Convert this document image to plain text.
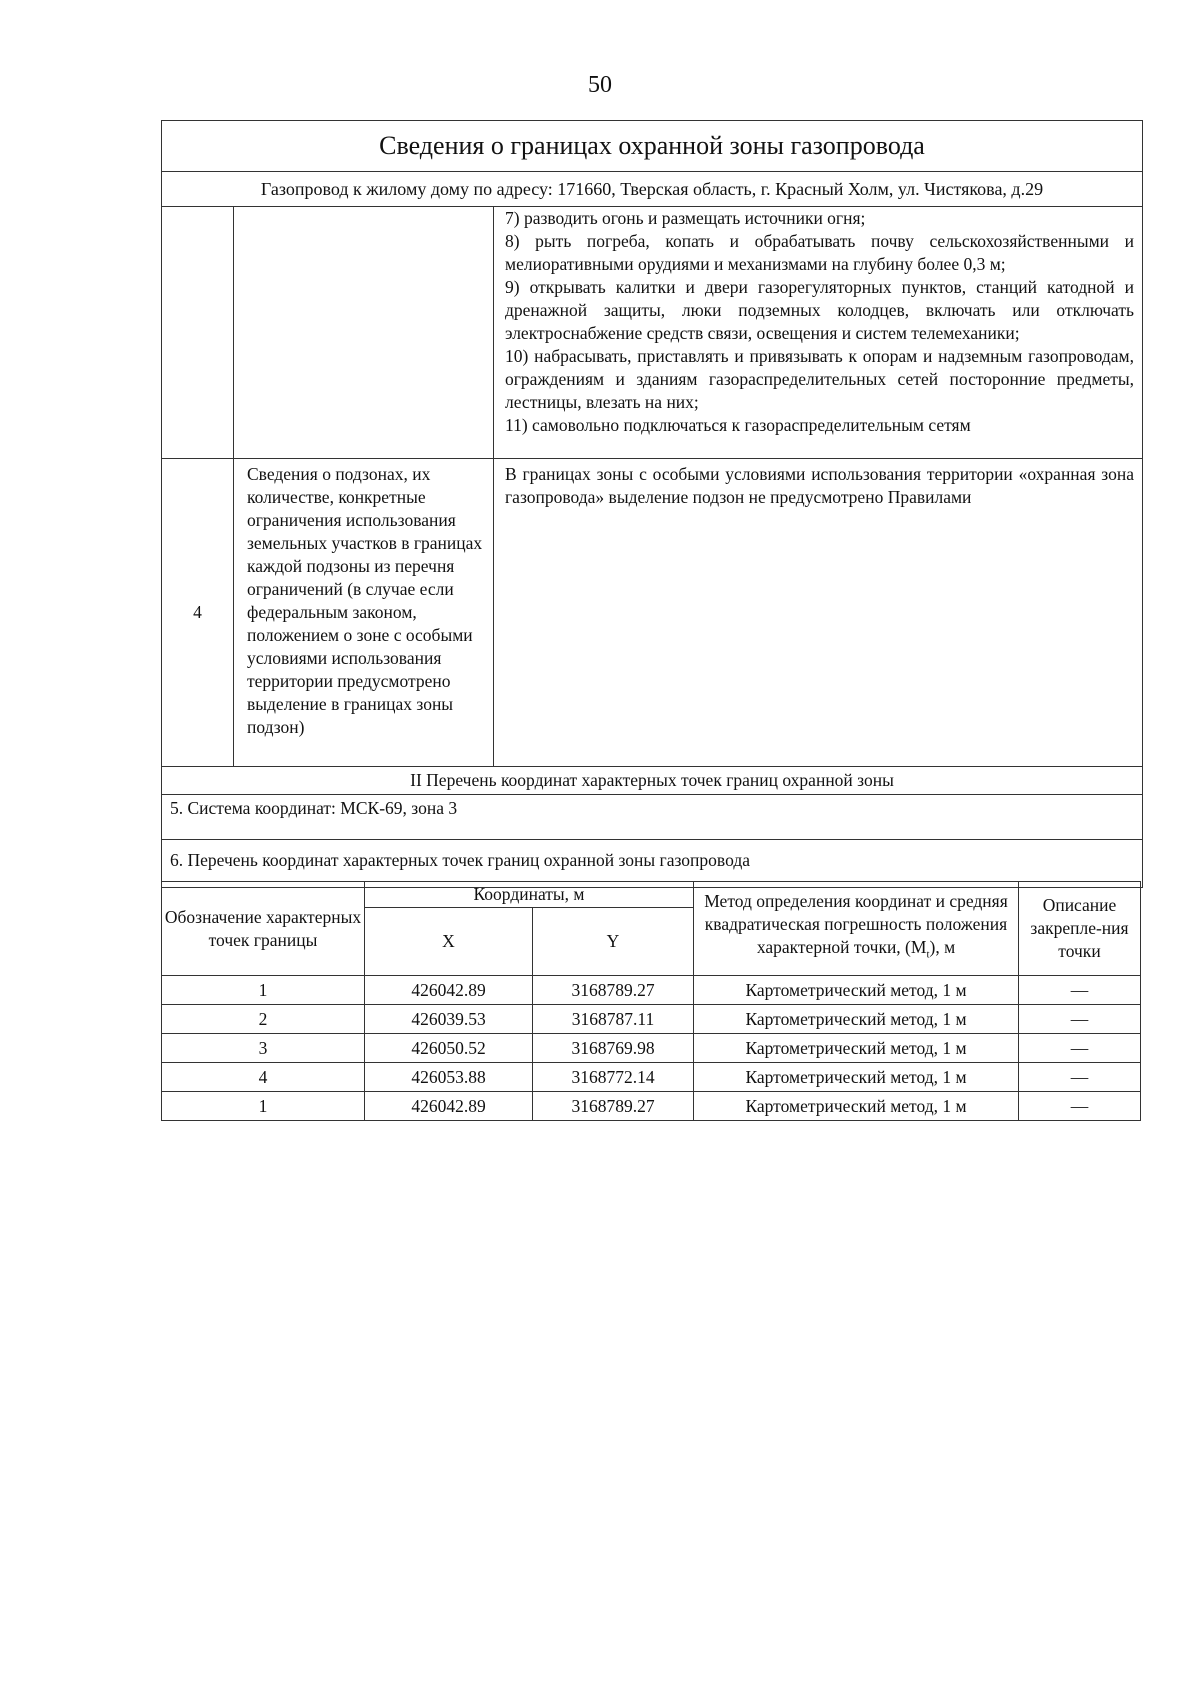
50
Сведения о границах охранной зоны газопровода		
Газопровод к жилому дому по адресу: 171660, Тверская область, г. Красный Холм, ул. Чистякова, д.29		

		7) разводить огонь и размещать источники огня;

8) рыть погреба, копать и обрабатывать почву сельскохозяйственными и мелиоративными орудиями и механизмами на глубину более 0,3 м;

9) открывать калитки и двери газорегуляторных пунктов, станций катодной и дренажной защиты, люки подземных колодцев, включать или отключать электроснабжение средств связи, освещения и систем телемеханики;

10) набрасывать, приставлять и привязывать к опорам и надземным газопроводам, ограждениям и зданиям газораспределительных сетей посторонние предметы, лестницы, влезать на них;

11) самовольно подключаться к газораспределительным сетям

4	Сведения о подзонах, их количестве, конкретные ограничения использования земельных участков в границах каждой подзоны из перечня ограничений (в случае если федеральным законом, положением о зоне с особыми условиями использования территории предусмотрено выделение в границах зоны подзон)	В границах зоны с особыми условиями использования территории «охранная зона газопровода» выделение подзон не предусмотрено Правилами
II Перечень координат характерных точек границ охранной зоны		
5. Система координат: МСК-69, зона 3		
6. Перечень координат характерных точек границ охранной зоны газопровода		
Обозначение характерных точек границы	Координаты, м		Метод определения координат и средняя квадратическая погрешность положения характерной точки, $(M_t)$, м	Описание закрепле-ния точки
	X	Y		
1	426042.89	3168789.27	Картометрический метод, 1 м	—
2	426039.53	3168787.11	Картометрический метод, 1 м	—
3	426050.52	3168769.98	Картометрический метод, 1 м	—
4	426053.88	3168772.14	Картометрический метод, 1 м	—
1	426042.89	3168789.27	Картометрический метод, 1 м	—
